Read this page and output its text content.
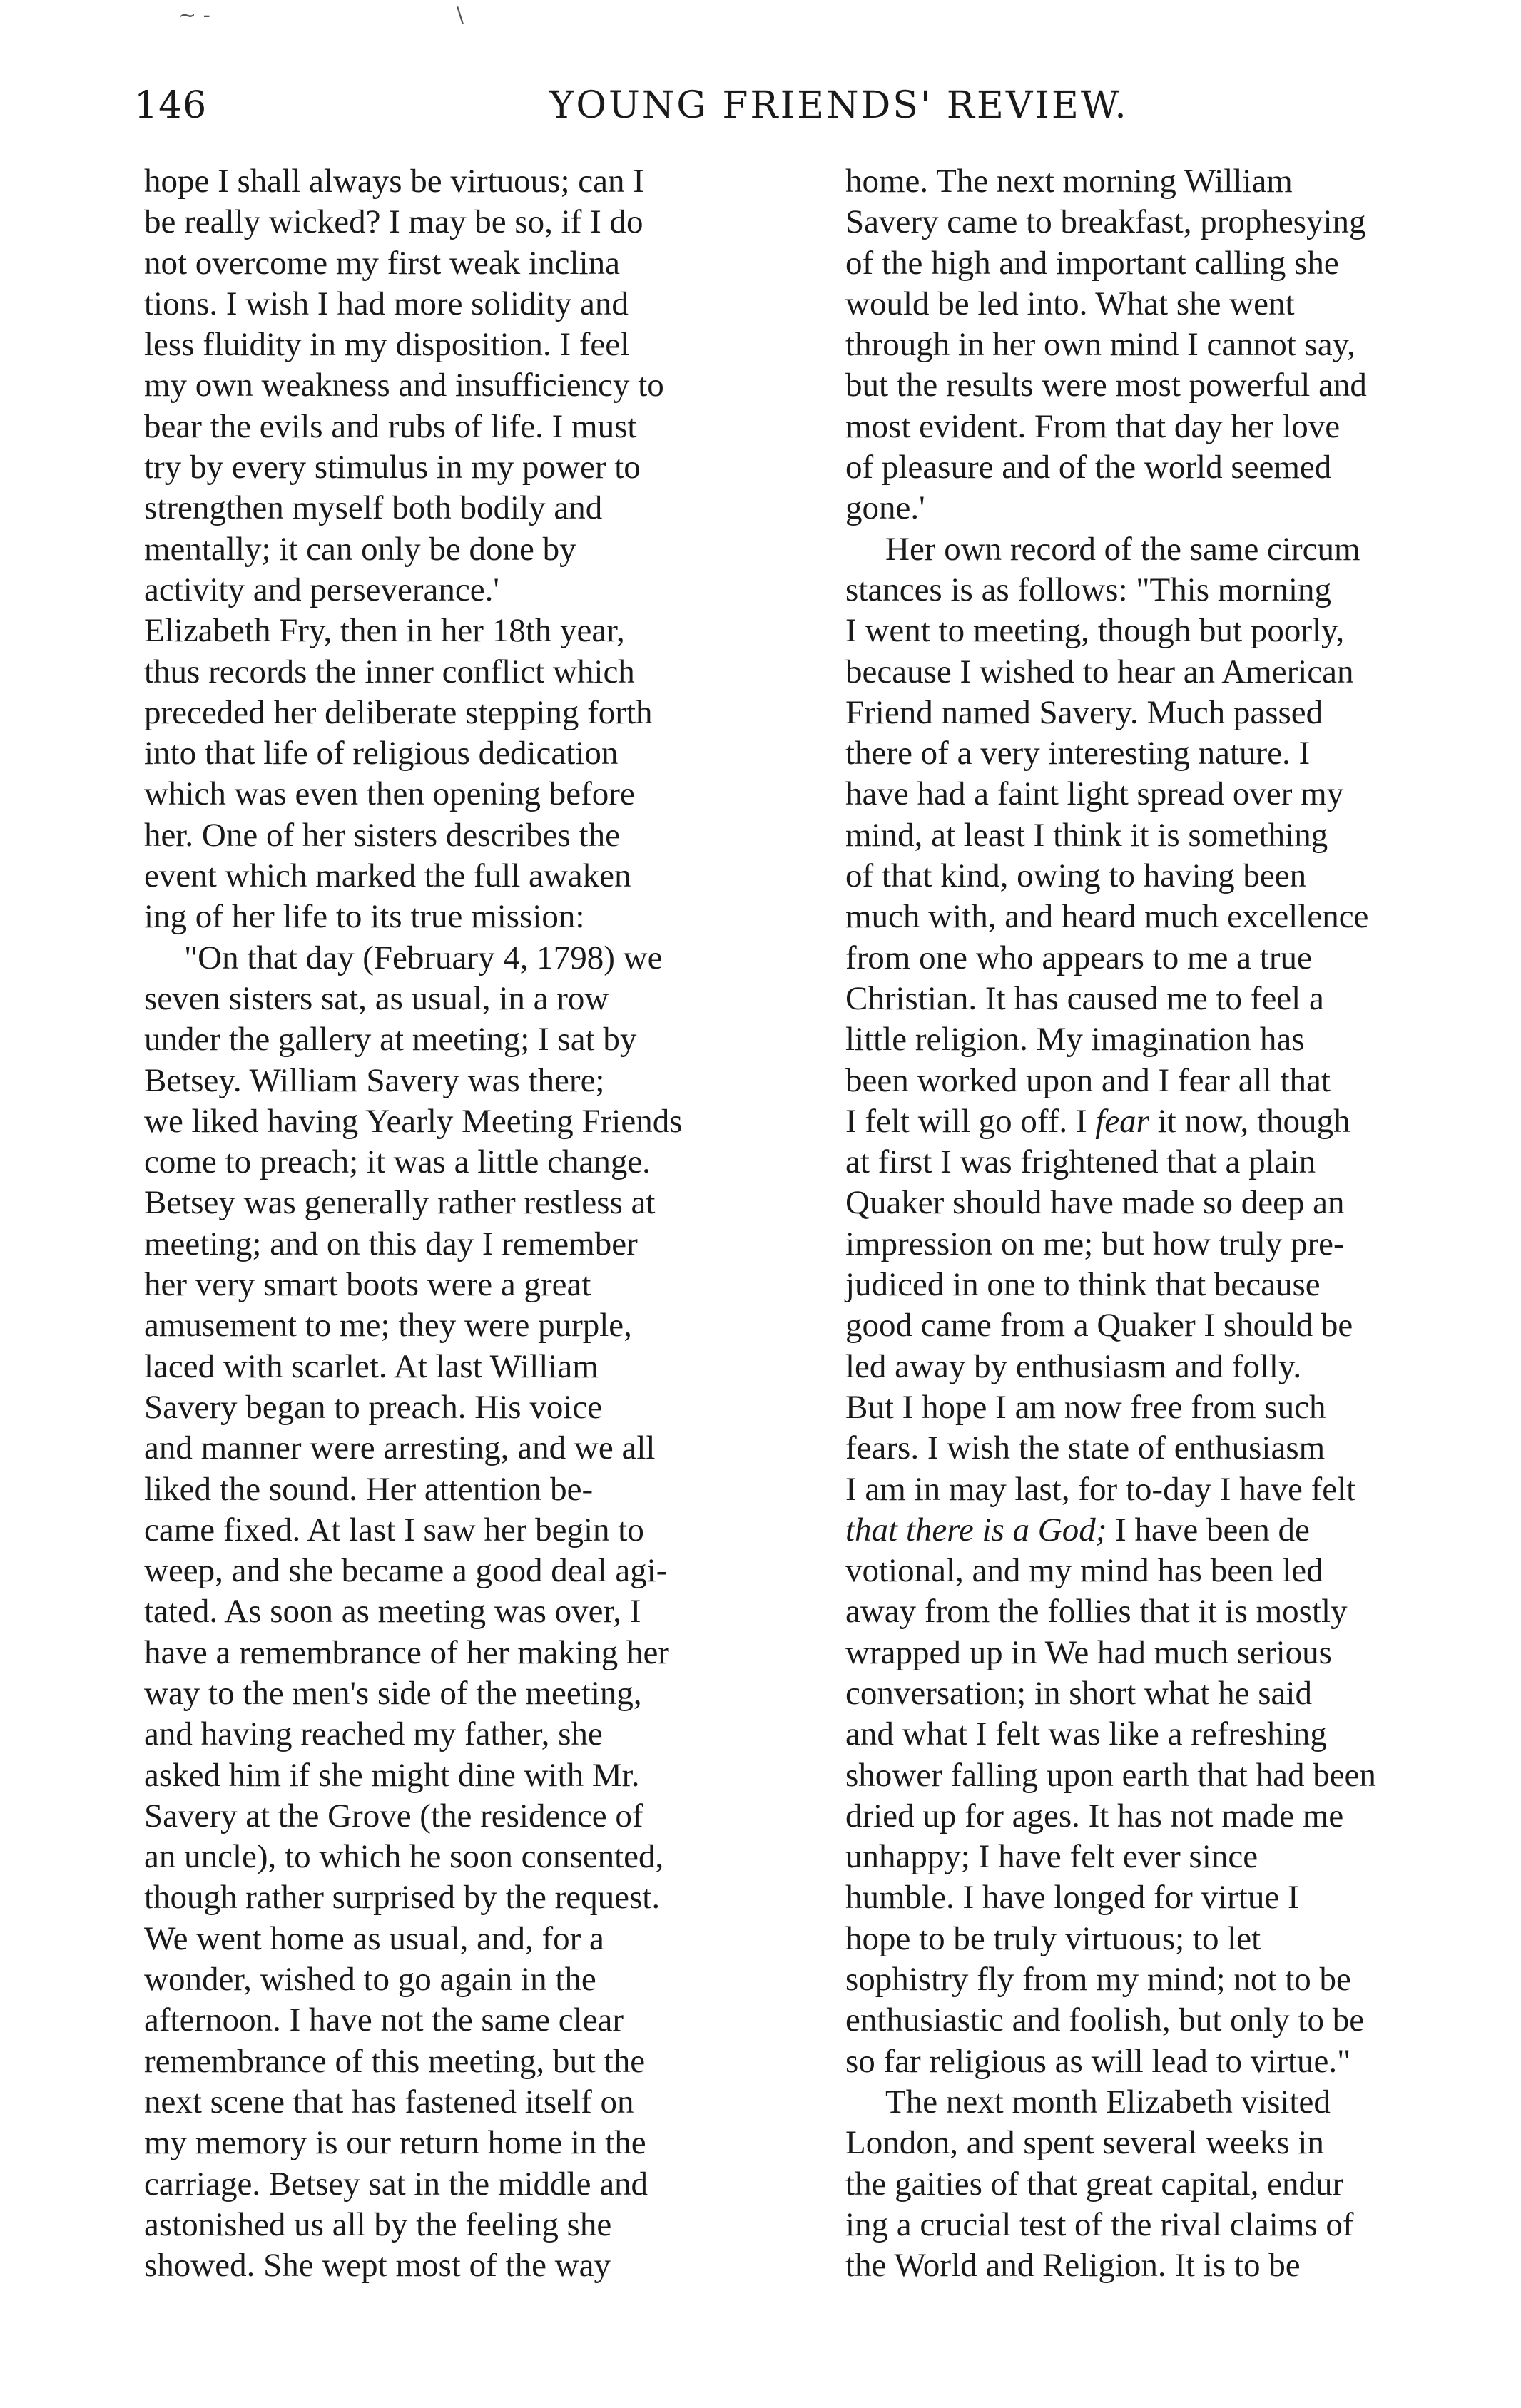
~ -	\
146	YOUNG FRIENDS' REVIEW.

hope I shall always be virtuous; can I
be really wicked? I may be so, if I do
not overcome my first weak inclina
tions. I wish I had more solidity and
less fluidity in my disposition. I feel
my own weakness and insufficiency to
bear the evils and rubs of life. I must
try by every stimulus in my power to
strengthen myself both bodily and
mentally; it can only be done by
activity and perseverance.'

Elizabeth Fry, then in her 18th year,
thus records the inner conflict which
preceded her deliberate stepping forth
into that life of religious dedication
which was even then opening before
her. One of her sisters describes the
event which marked the full awaken
ing of her life to its true mission:

"On that day (February 4, 1798) we
seven sisters sat, as usual, in a row
under the gallery at meeting; I sat by
Betsey. William Savery was there;
we liked having Yearly Meeting Friends
come to preach; it was a little change.
Betsey was generally rather restless at
meeting; and on this day I remember
her very smart boots were a great
amusement to me; they were purple,
laced with scarlet. At last William
Savery began to preach. His voice
and manner were arresting, and we all
liked the sound. Her attention be-
came fixed. At last I saw her begin to
weep, and she became a good deal agi-
tated. As soon as meeting was over, I
have a remembrance of her making her
way to the men's side of the meeting,
and having reached my father, she
asked him if she might dine with Mr.
Savery at the Grove (the residence of
an uncle), to which he soon consented,
though rather surprised by the request.
We went home as usual, and, for a
wonder, wished to go again in the
afternoon. I have not the same clear
remembrance of this meeting, but the
next scene that has fastened itself on
my memory is our return home in the
carriage. Betsey sat in the middle and
astonished us all by the feeling she
showed. She wept most of the way

home. The next morning William
Savery came to breakfast, prophesying
of the high and important calling she
would be led into. What she went
through in her own mind I cannot say,
but the results were most powerful and
most evident. From that day her love
of pleasure and of the world seemed
gone.'

Her own record of the same circum
stances is as follows: "This morning
I went to meeting, though but poorly,
because I wished to hear an American
Friend named Savery. Much passed
there of a very interesting nature. I
have had a faint light spread over my
mind, at least I think it is something
of that kind, owing to having been
much with, and heard much excellence
from one who appears to me a true
Christian. It has caused me to feel a
little religion. My imagination has
been worked upon and I fear all that
I felt will go off. I fear it now, though
at first I was frightened that a plain
Quaker should have made so deep an
impression on me; but how truly pre-
judiced in one to think that because
good came from a Quaker I should be
led away by enthusiasm and folly.
But I hope I am now free from such
fears. I wish the state of enthusiasm
I am in may last, for to-day I have felt
that there is a God; I have been de
votional, and my mind has been led
away from the follies that it is mostly
wrapped up in We had much serious
conversation; in short what he said
and what I felt was like a refreshing
shower falling upon earth that had been
dried up for ages. It has not made me
unhappy; I have felt ever since
humble. I have longed for virtue I
hope to be truly virtuous; to let
sophistry fly from my mind; not to be
enthusiastic and foolish, but only to be
so far religious as will lead to virtue."

The next month Elizabeth visited
London, and spent several weeks in
the gaities of that great capital, endur
ing a crucial test of the rival claims of
the World and Religion. It is to be
